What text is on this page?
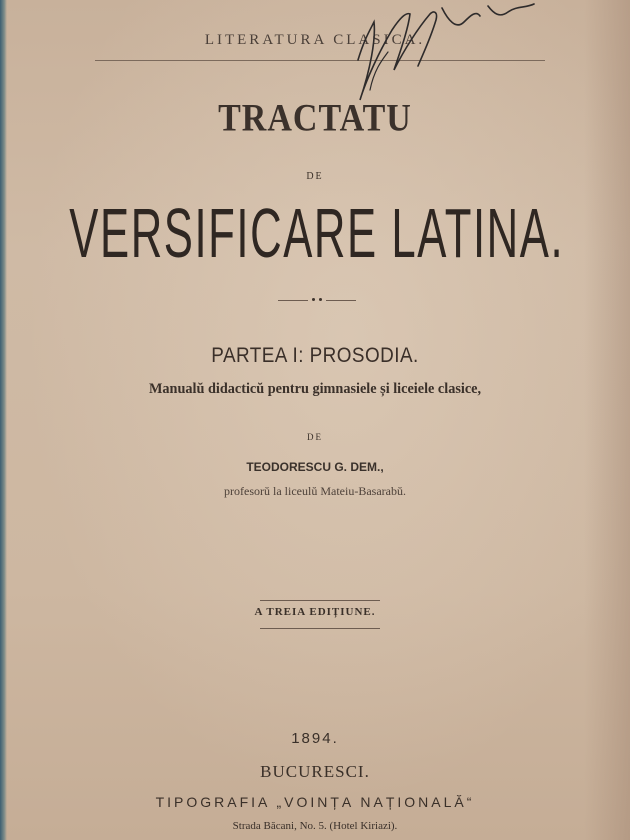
LITERATURA CLASICA.
TRACTATU
DE
VERSIFICARE LATINA.
PARTEA I: PROSODIA.
Manualŭ didacticŭ pentru gimnasiele și liceiele clasice,
DE
TEODORESCU G. DEM.,
profesorŭ la liceulŭ Mateiu-Basarabŭ.
A TREIA EDIȚIUNE.
1894.
BUCURESCI.
TIPOGRAFIA „VOINȚA NAȚIONALĂ“
Strada Băcani, No. 5. (Hotel Kiriazi).
